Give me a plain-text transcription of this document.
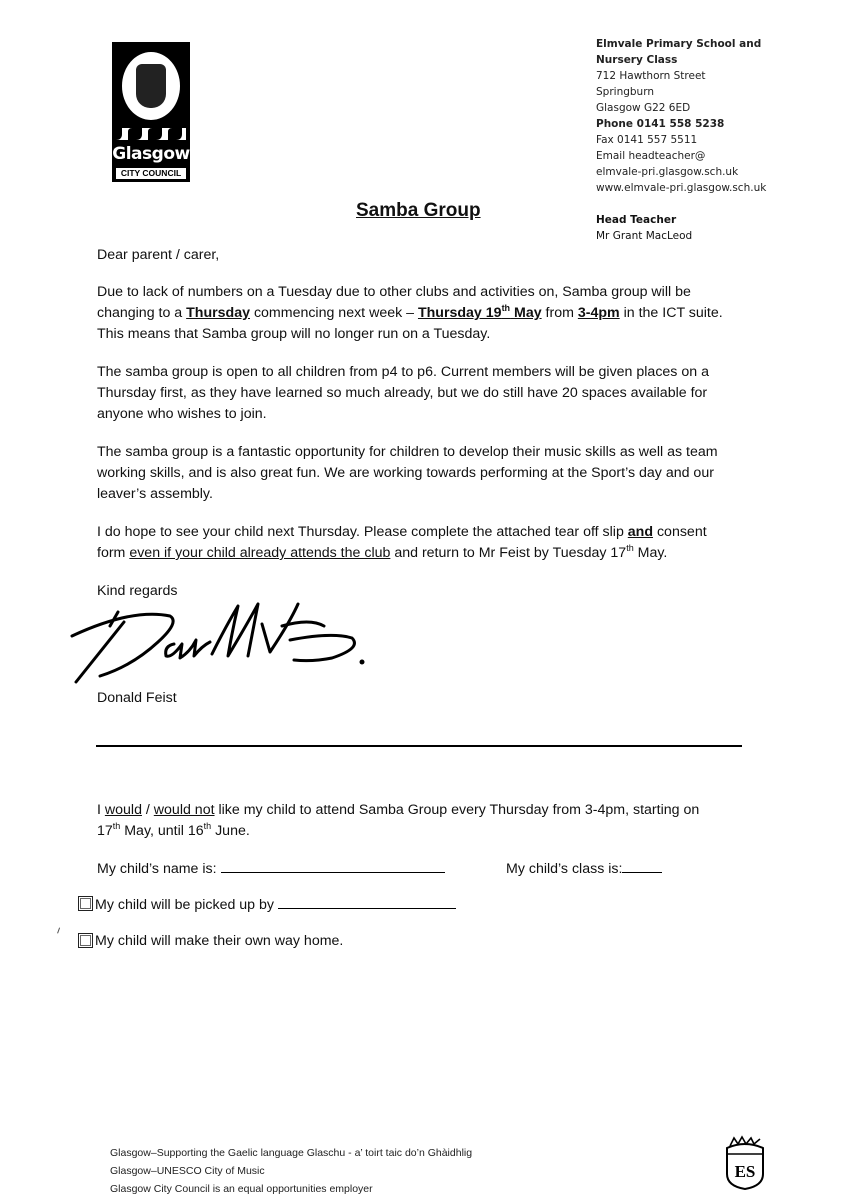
Glasgow
CITY COUNCIL
Elmvale Primary School and
Nursery Class
712 Hawthorn Street
Springburn
Glasgow G22 6ED
Phone 0141 558 5238
Fax 0141 557 5511
Email headteacher@
elmvale-pri.glasgow.sch.uk
www.elmvale-pri.glasgow.sch.uk
Head Teacher
Mr Grant MacLeod
Samba Group
Dear parent / carer,
Due to lack of numbers on a Tuesday due to other clubs and activities on, Samba group will be
changing to a Thursday commencing next week – Thursday 19th May from 3-4pm in the ICT suite.
This means that Samba group will no longer run on a Tuesday.
The samba group is open to all children from p4 to p6. Current members will be given places on a
Thursday first, as they have learned so much already, but we do still have 20 spaces available for
anyone who wishes to join.
The samba group is a fantastic opportunity for children to develop their music skills as well as team
working skills, and is also great fun. We are working towards performing at the Sport’s day and our
leaver’s assembly.
I do hope to see your child next Thursday. Please complete the attached tear off slip and consent
form even if your child already attends the club and return to Mr Feist by Tuesday 17th May.
Kind regards
Donald Feist
I would / would not like my child to attend Samba Group every Thursday from 3-4pm, starting on
17th May, until 16th June.
My child’s name is:	My child’s class is:
My child will be picked up by
My child will make their own way home.
Glasgow–Supporting the Gaelic language Glaschu - a’ toirt taic do’n Ghàidhlig
Glasgow–UNESCO City of Music
Glasgow City Council is an equal opportunities employer
ES
